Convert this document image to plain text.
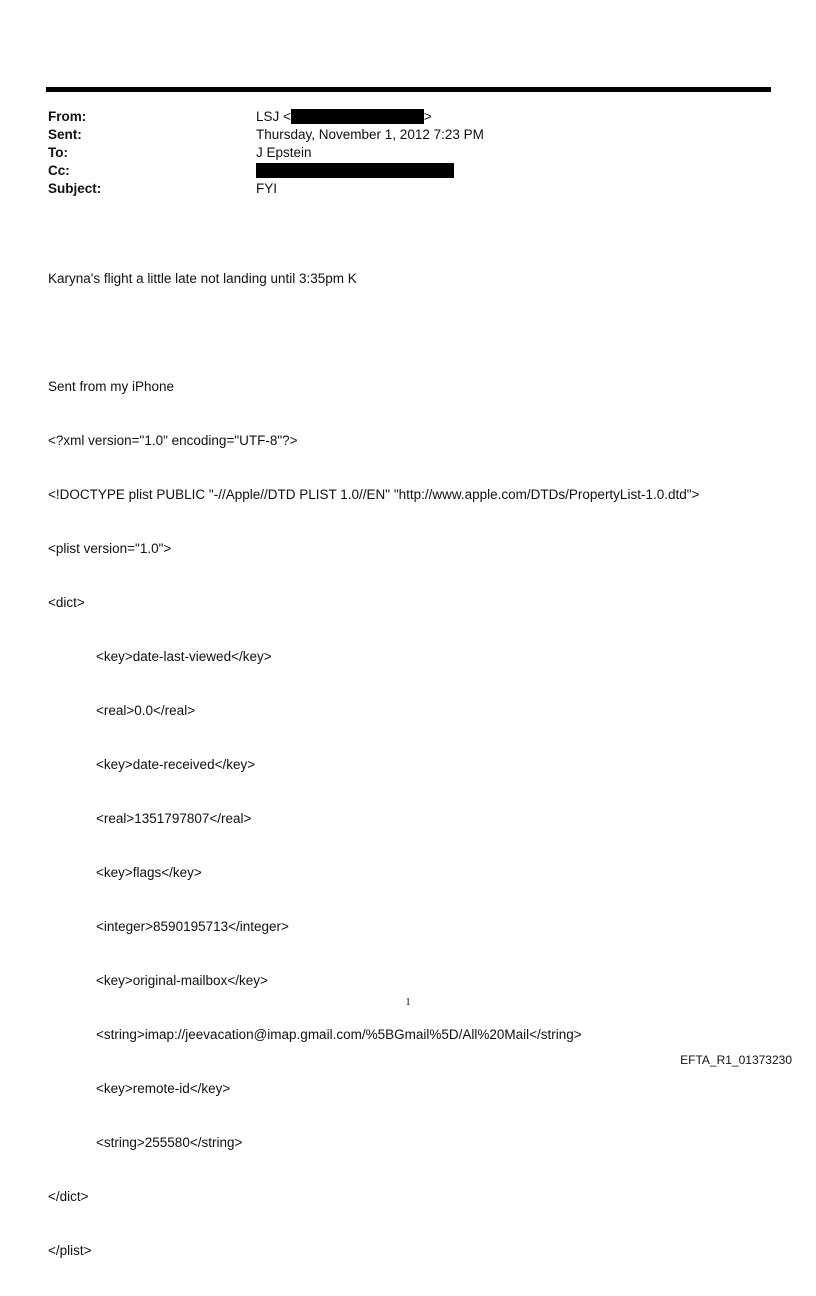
From:	LSJ <	>
Sent:	Thursday, November 1, 2012 7:23 PM
To:	J Epstein
Cc:
Subject:	FYI

Karyna's flight a little late not landing until 3:35pm K

Sent from my iPhone

<?xml version="1.0" encoding="UTF-8"?>

<!DOCTYPE plist PUBLIC "-//Apple//DTD PLIST 1.0//EN" "http://www.apple.com/DTDs/PropertyList-1.0.dtd">

<plist version="1.0">

<dict>

<key>date-last-viewed</key>

<real>0.0</real>

<key>date-received</key>

<real>1351797807</real>

<key>flags</key>

<integer>8590195713</integer>

<key>original-mailbox</key>

<string>imap://jeevacation@imap.gmail.com/%5BGmail%5D/All%20Mail</string>

<key>remote-id</key>

<string>255580</string>

</dict>

</plist>

1
EFTA_R1_01373230
